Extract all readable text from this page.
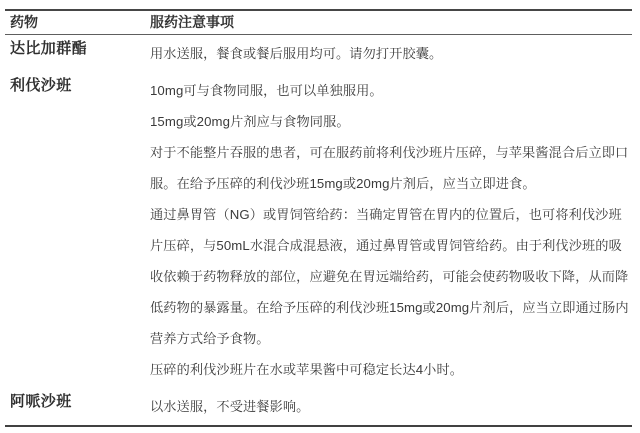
药物	服药注意事项
达比加群酯	用水送服，餐食或餐后服用均可。请勿打开胶囊。

利伐沙班	10mg可与食物同服，也可以单独服用。

15mg或20mg片剂应与食物同服。

对于不能整片吞服的患者，可在服药前将利伐沙班片压碎，与苹果酱混合后立即口服。在给予压碎的利伐沙班15mg或20mg片剂后，应当立即进食。

通过鼻胃管（NG）或胃饲管给药：当确定胃管在胃内的位置后，也可将利伐沙班片压碎，与50mL水混合成混悬液，通过鼻胃管或胃饲管给药。由于利伐沙班的吸收依赖于药物释放的部位，应避免在胃远端给药，可能会使药物吸收下降，从而降低药物的暴露量。在给予压碎的利伐沙班15mg或20mg片剂后，应当立即通过肠内营养方式给予食物。

压碎的利伐沙班片在水或苹果酱中可稳定长达4小时。

阿哌沙班	以水送服，不受进餐影响。
